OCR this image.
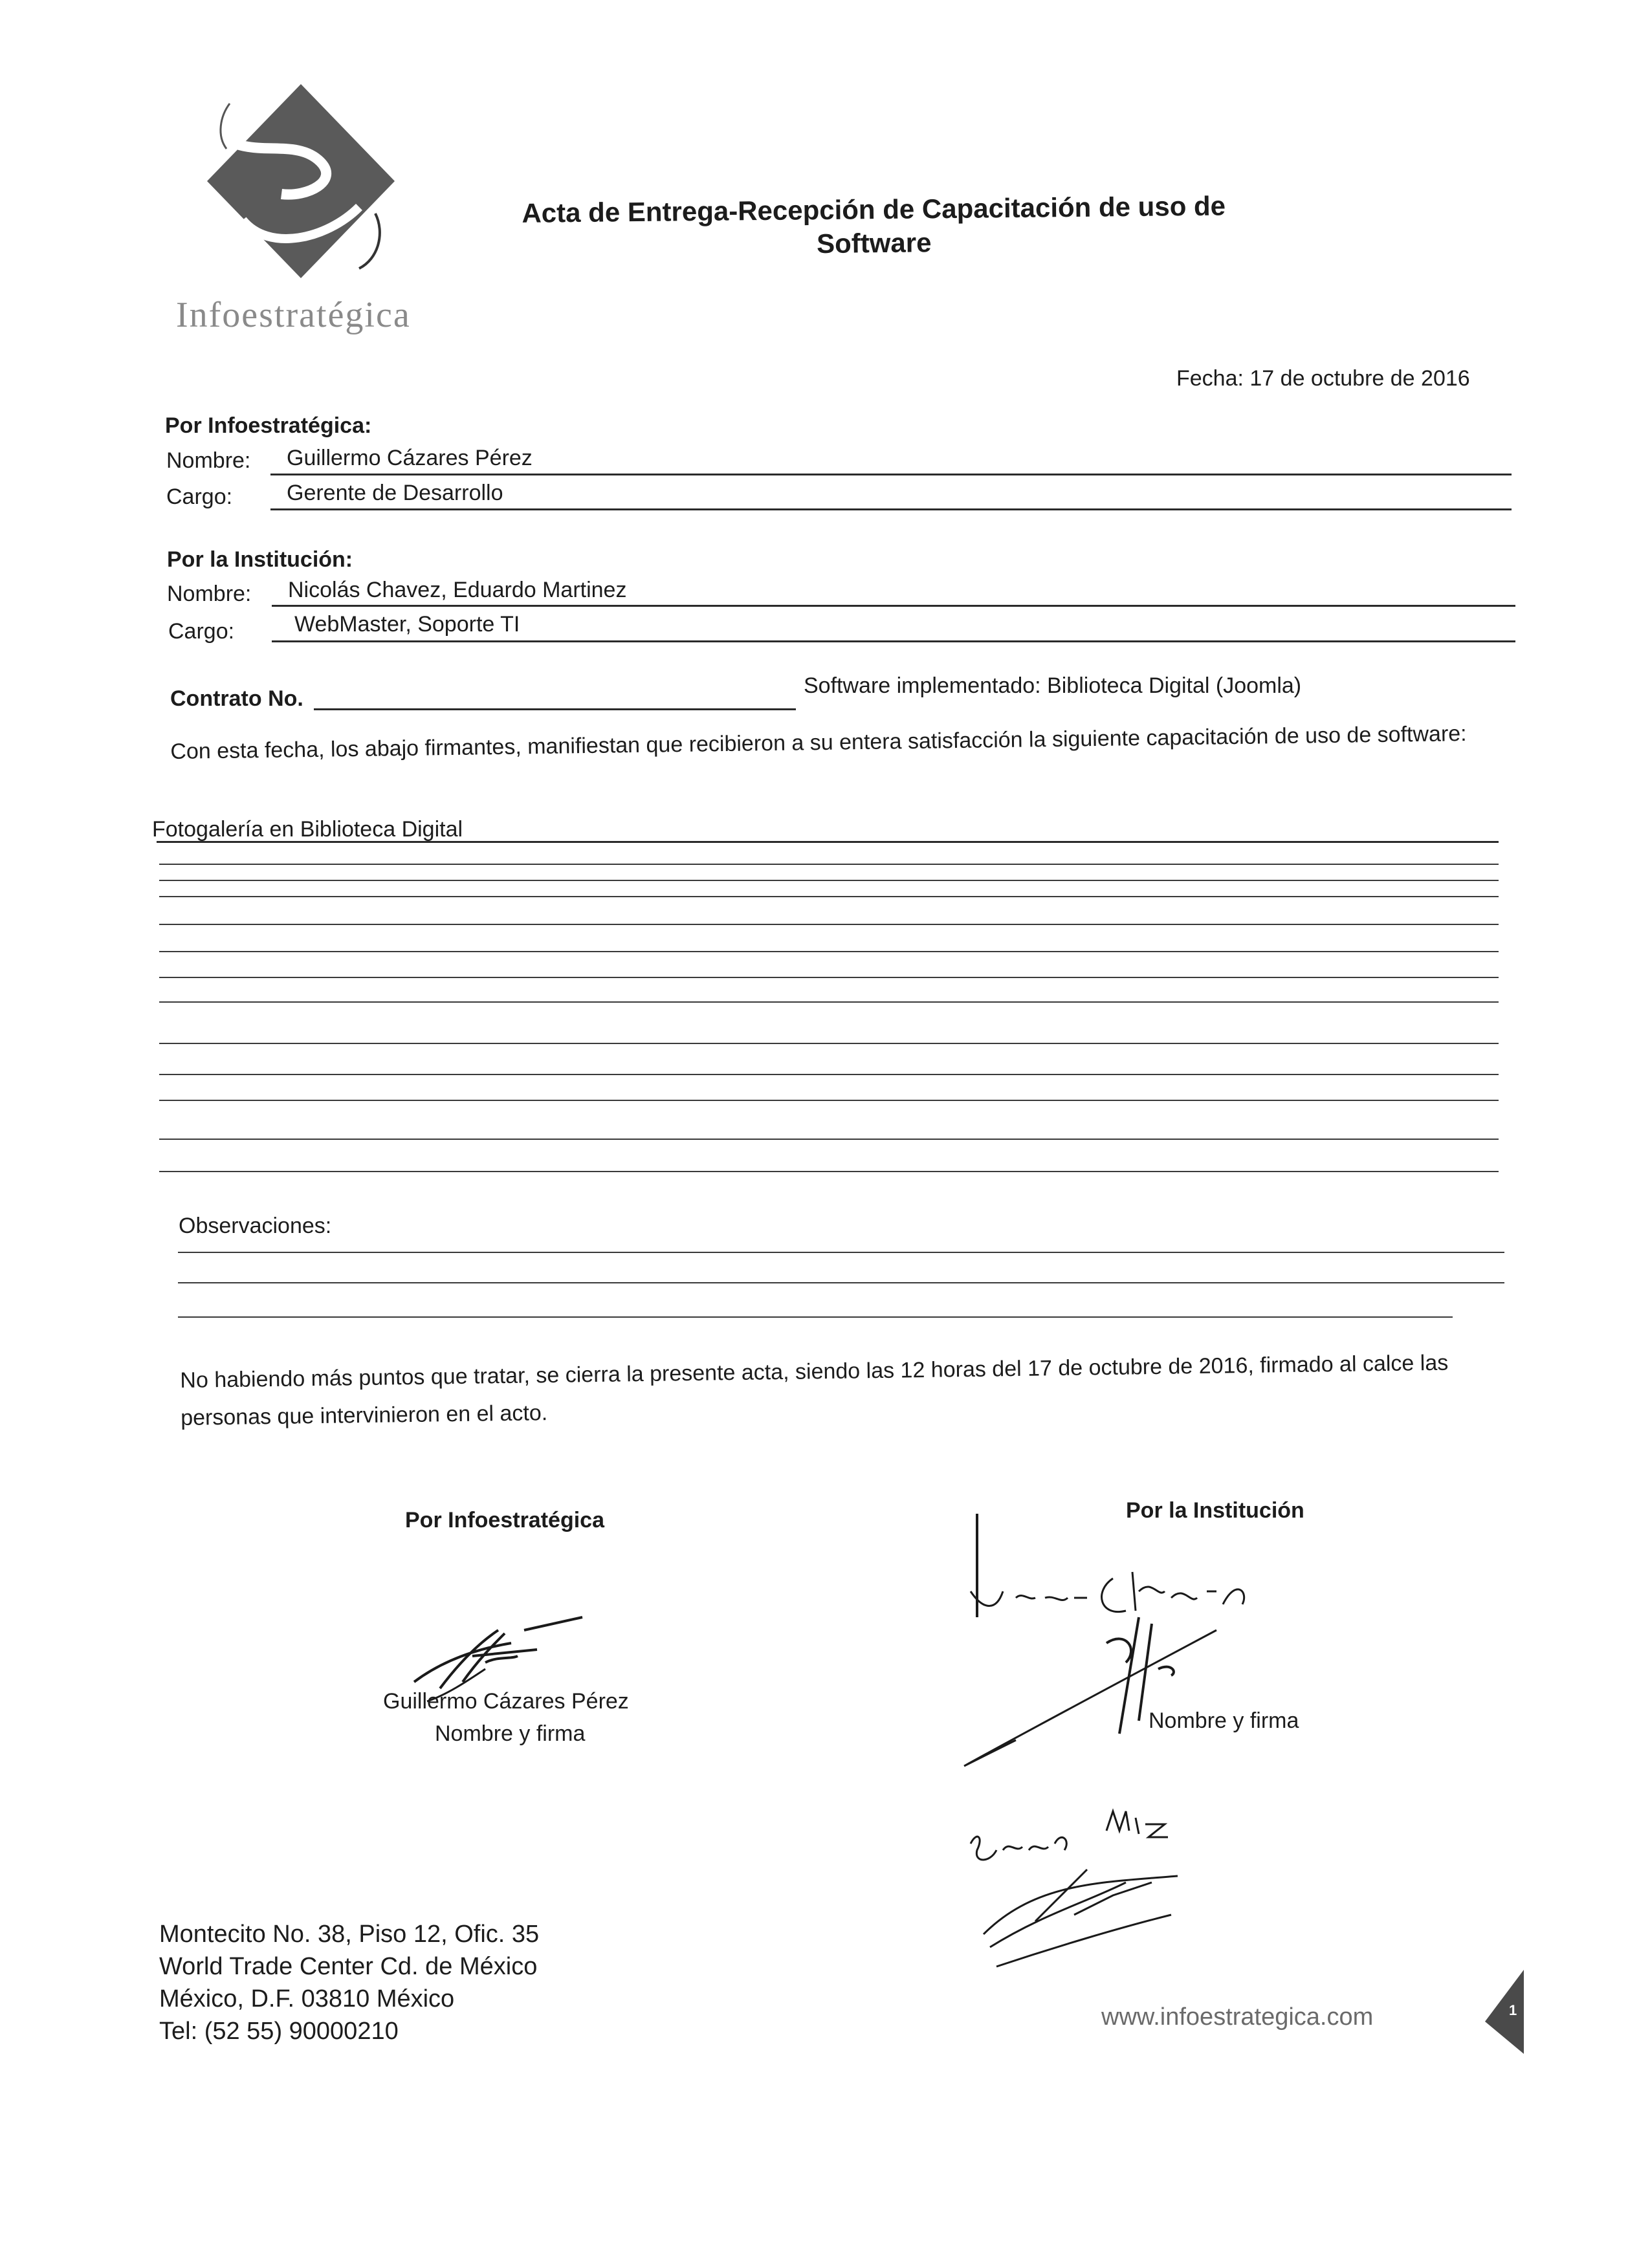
Infoestratégica
Acta de Entrega-Recepción de Capacitación de uso de
Software
Fecha: 17 de octubre de 2016
Por Infoestratégica:
Nombre: Guillermo Cázares Pérez
Cargo: Gerente de Desarrollo
Por la Institución:
Nombre: Nicolás Chavez, Eduardo Martinez
Cargo:	WebMaster, Soporte TI
Contrato No.
Software implementado: Biblioteca Digital (Joomla)
Con esta fecha, los abajo firmantes, manifiestan que recibieron a su entera satisfacción la siguiente capacitación de uso de software:
Fotogalería en Biblioteca Digital
Observaciones:
No habiendo más puntos que tratar, se cierra la presente acta, siendo las 12 horas del 17 de octubre de 2016, firmado al calce las personas que intervinieron en el acto.
Por Infoestratégica	Por la Institución
Guillermo Cázares Pérez
Nombre y firma
Nombre y firma
Montecito No. 38, Piso 12, Ofic. 35
World Trade Center Cd. de México
México, D.F. 03810 México
Tel: (52 55) 90000210
www.infoestrategica.com	1
